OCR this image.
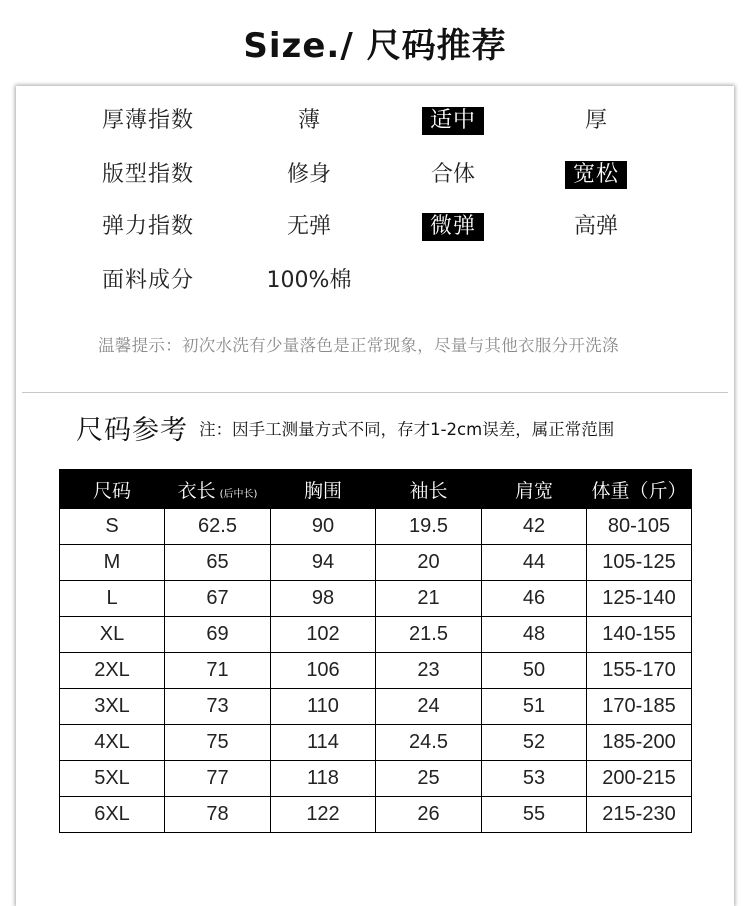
Size./ 尺码推荐
厚薄指数	薄	适中	厚
版型指数	修身	合体	宽松
弹力指数	无弹	微弹	高弹
面料成分	100%棉
温馨提示：初次水洗有少量落色是正常现象，尽量与其他衣服分开洗涤
尺码参考 注：因手工测量方式不同，存才1-2cm误差，属正常范围
尺码	衣长 (后中长)	胸围	袖长	肩宽	体重（斤）
S	62.5	90	19.5	42	80-105
M	65	94	20	44	105-125
L	67	98	21	46	125-140
XL	69	102	21.5	48	140-155
2XL	71	106	23	50	155-170
3XL	73	110	24	51	170-185
4XL	75	114	24.5	52	185-200
5XL	77	118	25	53	200-215
6XL	78	122	26	55	215-230
